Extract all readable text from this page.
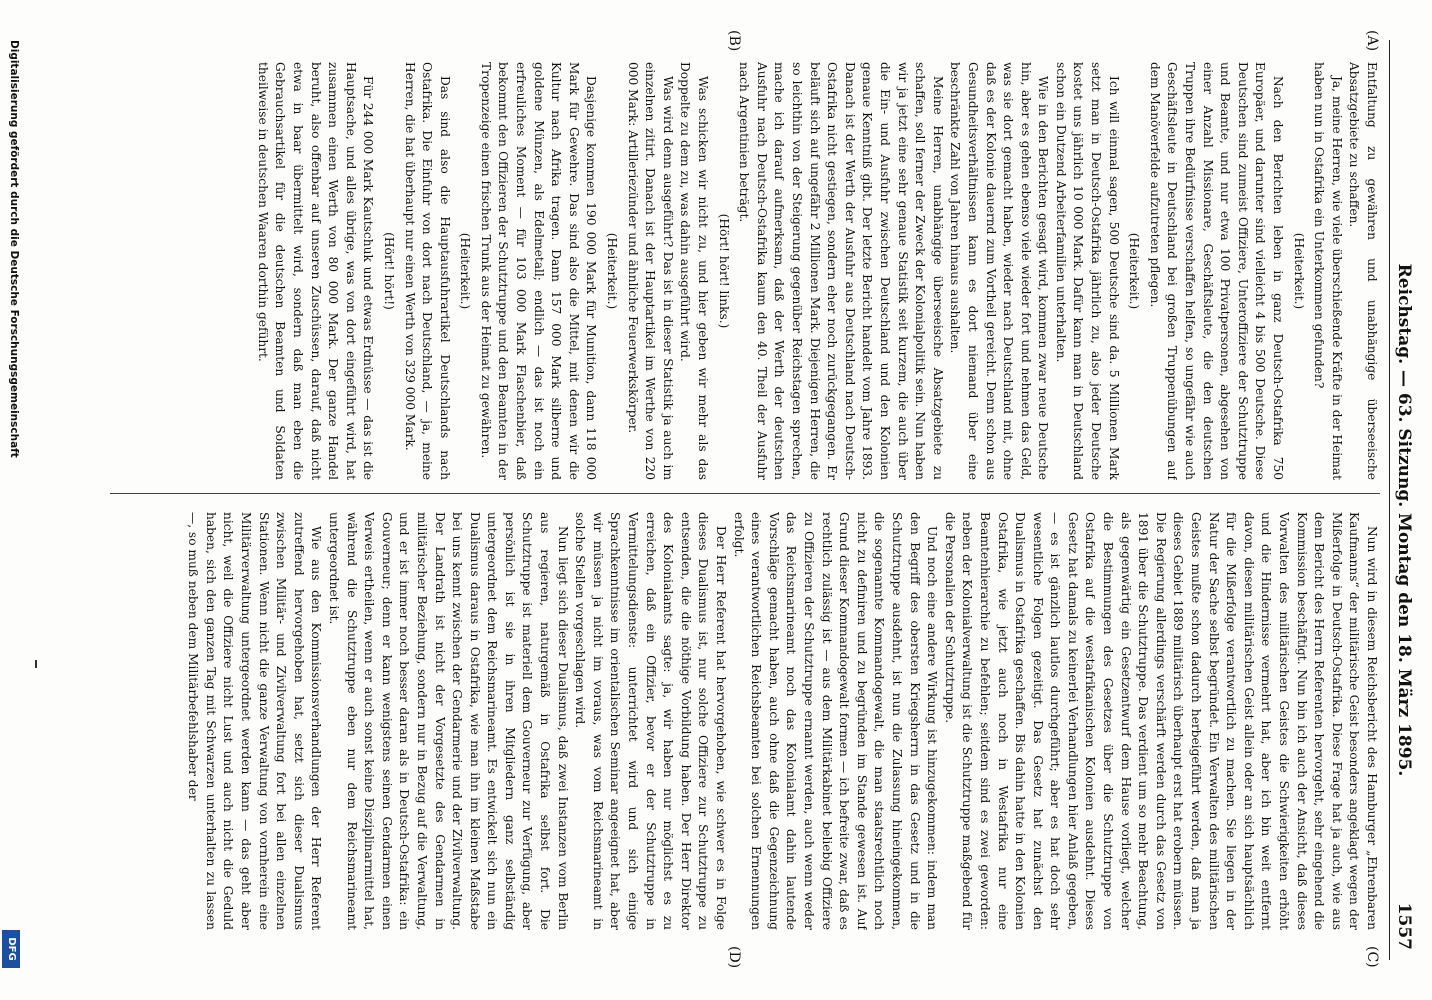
Reichstag. — 63. Sitzung. Montag den 18. März 1895.
1557
(A)
(B)
(C)
(D)

Entfaltung zu gewähren und unabhängige überseeische Absatzgebiete zu schaffen.

Ja, meine Herren, wie viele überschießende Kräfte in der Heimat haben nun in Ostafrika ein Unterkommen gefunden?

(Heiterkeit.)

Nach den Berichten leben in ganz Deutsch-Ostafrika 750 Europäer, und darunter sind vielleicht 4 bis 500 Deutsche. Diese Deutschen sind zumeist Offiziere, Unteroffiziere der Schutztruppe und Beamte, und nur etwa 100 Privatpersonen, abgesehen von einer Anzahl Missionare, Geschäftsleute, die den deutschen Truppen ihre Bedürfnisse verschaffen helfen, so ungefähr wie auch Geschäftsleute in Deutschland bei großen Truppenübungen auf dem Manöverfelde aufzutreten pflegen.

(Heiterkeit.)

Ich will einmal sagen, 500 Deutsche sind da. 5 Millionen Mark setzt man in Deutsch-Ostafrika jährlich zu, also jeder Deutsche kostet uns jährlich 10 000 Mark. Dafür kann man in Deutschland schon ein Dutzend Arbeiterfamilien unterhalten.

Wie in den Berichten gesagt wird, kommen zwar neue Deutsche hin, aber es gehen ebenso viele wieder fort und nehmen das Geld, was sie dort gemacht haben, wieder nach Deutschland mit, ohne daß es der Kolonie dauernd zum Vortheil gereicht. Denn schon aus Gesundheitsverhältnissen kann es dort niemand über eine beschränkte Zahl von Jahren hinaus aushalten.

Meine Herren, unabhängige überseeische Absatzgebiete zu schaffen, soll ferner der Zweck der Kolonialpolitik sein. Nun haben wir ja jetzt eine sehr genaue Statistik seit kurzem, die auch über die Ein- und Ausfuhr zwischen Deutschland und den Kolonien genaue Kenntniß gibt. Der letzte Bericht handelt vom Jahre 1893. Danach ist der Werth der Ausfuhr aus Deutschland nach Deutsch-Ostafrika nicht gestiegen, sondern eher noch zurückgegangen. Er beläuft sich auf ungefähr 2 Millionen Mark. Diejenigen Herren, die so leichthin von der Steigerung gegenüber Reichstagen sprechen, mache ich darauf aufmerksam, daß der Werth der deutschen Ausfuhr nach Deutsch-Ostafrika kaum den 40. Theil der Ausfuhr nach Argentinien beträgt.

(Hört! hört! links.)

Was schicken wir nicht zu, und hier geben wir mehr als das Doppelte zu dem zu, was dahin ausgeführt wird.

Was wird denn ausgeführt? Das ist in dieser Statistik ja auch im einzelnen zitirt. Danach ist der Hauptartikel im Werthe von 220 000 Mark: Artilleriezünder und ähnliche Feuerwerkskörper.

(Heiterkeit.)

Dasjenige kommen 190 000 Mark für Munition, dann 118 000 Mark für Gewehre. Das sind also die Mittel, mit denen wir die Kultur nach Afrika tragen. Dann 157 000 Mark silberne und goldene Münzen, als Edelmetall; endlich — das ist noch ein erfreuliches Moment — für 103 000 Mark Flaschenbier, daß bekommt den Offizieren der Schutztruppe und den Beamten in der Tropenzeige einen frischen Trunk aus der Heimat zu gewähren.

(Heiterkeit.)

Das sind also die Hauptausfuhrartikel Deutschlands nach Ostafrika. Die Einfuhr von dort nach Deutschland, — ja, meine Herren, die hat überhaupt nur einen Werth von 329 000 Mark.

(Hört! hört!)

Für 244 000 Mark Kautschuk und etwas Erdnüsse — das ist die Hauptsache, und alles übrige, was von dort eingeführt wird, hat zusammen einen Werth von 80 000 Mark. Der ganze Handel beruht, also offenbar auf unseren Zuschüssen, darauf, daß nicht etwa in baar übermittelt wird, sondern daß man eben die Gebrauchsartikel für die deutschen Beamten und Soldaten theilweise in deutschen Waaren dorthin geführt.

Nun wird in diesem Reichsbericht des Hamburger „Ehrenbaren Kaufmanns“ der militärische Geist besonders angeklagt wegen der Mißerfolge in Deutsch-Ostafrika. Diese Frage hat ja auch, wie aus dem Bericht des Herrn Referenten hervorgeht, sehr eingehend die Kommission beschäftigt. Nun bin ich auch der Ansicht, daß dieses Vorwalten des militärischen Geistes die Schwierigkeiten erhöht und die Hindernisse vermehrt hat, aber ich bin weit entfernt davon, diesen militärischen Geist allein oder an sich hauptsächlich für die Mißerfolge verantwortlich zu machen. Sie liegen in der Natur der Sache selbst begründet. Ein Verwalten des militärischen Geistes mußte schon dadurch herbeigeführt werden, daß man ja dieses Gebiet 1889 militärisch überhaupt erst hat erobern müssen. Die Regierung allerdings verschärft werden durch das Gesetz von 1891 über die Schutztruppe. Das verdient um so mehr Beachtung, als gegenwärtig ein Gesetzentwurf dem Hause vorliegt, welcher die Bestimmungen des Gesetzes über die Schutztruppe von Ostafrika auf die westafrikanischen Kolonien ausdehnt. Dieses Gesetz hat damals zu keinerlei Verhandlungen hier Anlaß gegeben, — es ist gänzlich lautlos durchgeführt; aber es hat doch sehr wesentliche Folgen gezeitigt. Das Gesetz hat zunächst den Dualismus in Ostafrika geschaffen. Bis dahin hatte in den Kolonien Ostafrika, wie jetzt auch noch in Westafrika nur eine Beamtenhierarchie zu befehlen; seitdem sind es zwei geworden: neben der Kolonialverwaltung ist die Schutztruppe maßgebend für die Personalien der Schutztruppe.

Und noch eine andere Wirkung ist hinzugekommen: indem man den Begriff des obersten Kriegsherrn in das Gesetz und in die Schutztruppe ausdehnt, ist nun die Zulassung hineingekommen, die sogenannte Kommandogewalt, die man staatsrechtlich noch nicht zu definiren und zu begründen im Stande gewesen ist. Auf Grund dieser Kommandogewalt formen — ich befreite zwar, daß es rechtlich zulässig ist — aus dem Militärkabinet beliebig Offiziere zu Offizieren der Schutztruppe ernannt werden, auch wenn weder das Reichsmarineamt noch das Kolonialamt dahin lautende Vorschläge gemacht haben, auch ohne daß die Gegenzeichnung eines verantwortlichen Reichsbeamten bei solchen Ernennungen erfolgt.

Der Herr Referent hat hervorgehoben, wie schwer es in Folge dieses Dualismus ist, nur solche Offiziere zur Schutztruppe zu entsenden, die die nöthige Vorbildung haben. Der Herr Direktor des Kolonialamts sagte: ja, wir haben nur möglichst es zu erreichen, daß ein Offizier, bevor er der Schutztruppe in Vermittelungsdienste: unterrichtet wird und sich einige Sprachkenntnisse im orientalischen Seminar angeeignet hat, aber wir müssen ja nicht im voraus, was vom Reichsmarineamt in solche Stellen vorgeschlagen wird.

Nun liegt sich dieser Dualismus, daß zwei Instanzen vom Berlin aus regieren, naturgemäß in Ostafrika selbst fort. Die Schutztruppe ist materiell dem Gouverneur zur Verfügung, aber persönlich ist sie in ihren Mitgliedern ganz selbständig untergeordnet dem Reichsmarineamt. Es entwickelt sich nun ein Dualismus daraus in Ostafrika, wie man ihn im kleinen Maßstabe bei uns kennt zwischen der Gendarmerie und der Zivilverwaltung. Der Landrath ist nicht der Vorgesetzte des Gendarmen in militärischer Beziehung, sondern nur in Bezug auf die Verwaltung, und er ist immer noch besser daran als in Deutsch-Ostafrika: ein Gouverneur; denn er kann wenigstens seinen Gendarmen einen Verweis ertheilen, wenn er auch sonst keine Disziplinarmittel hat, während die Schutztruppe eben nur dem Reichsmarineamt untergeordnet ist.

Wie aus den Kommissionsverhandlungen der Herr Referent zutreffend hervorgehoben hat, setzt sich dieser Dualismus zwischen Militär- und Zivilverwaltung fort bei allen einzelnen Stationen. Wenn nicht die ganze Verwaltung von vornherein eine Militärverwaltung untergeordnet werden kann — das geht aber nicht, weil die Offiziere nicht Lust und auch nicht die Geduld haben, sich den ganzen Tag mit Schwarzen unterhalten zu lassen —, so muß neben dem Militärbefehlshaber der

Digitalisierung gefördert durch die Deutsche Forschungsgemeinschaft
DFG
